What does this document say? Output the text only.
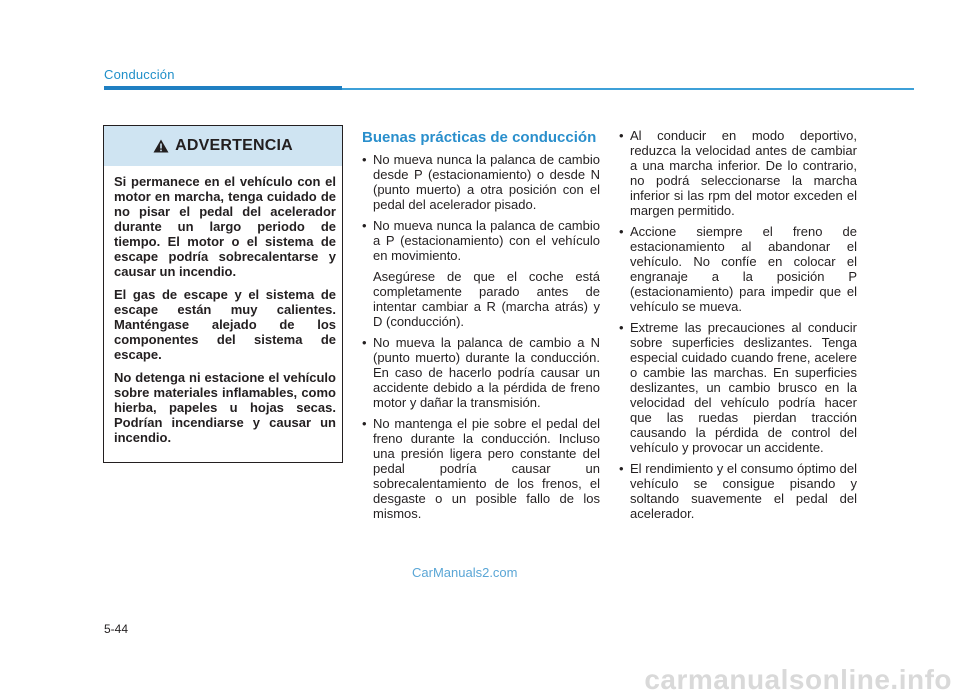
Conducción
ADVERTENCIA

Si permanece en el vehículo con el motor en marcha, tenga cuidado de no pisar el pedal del acelerador durante un largo periodo de tiempo. El motor o el sistema de escape podría sobrecalentarse y causar un incendio.

El gas de escape y el sistema de escape están muy calientes. Manténgase alejado de los componentes del sistema de escape.

No detenga ni estacione el vehículo sobre materiales inflamables, como hierba, papeles u hojas secas. Podrían incendiarse y causar un incendio.

Buenas prácticas de conducción
• No mueva nunca la palanca de cambio desde P (estacionamiento) o desde N (punto muerto) a otra posición con el pedal del acelerador pisado.

• No mueva nunca la palanca de cambio a P (estacionamiento) con el vehículo en movimiento.

Asegúrese de que el coche está completamente parado antes de intentar cambiar a R (marcha atrás) y D (conducción).

• No mueva la palanca de cambio a N (punto muerto) durante la conducción. En caso de hacerlo podría causar un accidente debido a la pérdida de freno motor y dañar la transmisión.

• No mantenga el pie sobre el pedal del freno durante la conducción. Incluso una presión ligera pero constante del pedal podría causar un sobrecalentamiento de los frenos, el desgaste o un posible fallo de los mismos.

• Al conducir en modo deportivo, reduzca la velocidad antes de cambiar a una marcha inferior. De lo contrario, no podrá seleccionarse la marcha inferior si las rpm del motor exceden el margen permitido.

• Accione siempre el freno de estacionamiento al abandonar el vehículo. No confíe en colocar el engranaje a la posición P (estacionamiento) para impedir que el vehículo se mueva.

• Extreme las precauciones al conducir sobre superficies deslizantes. Tenga especial cuidado cuando frene, acelere o cambie las marchas. En superficies deslizantes, un cambio brusco en la velocidad del vehículo podría hacer que las ruedas pierdan tracción causando la pérdida de control del vehículo y provocar un accidente.

• El rendimiento y el consumo óptimo del vehículo se consigue pisando y soltando suavemente el pedal del acelerador.

CarManuals2.com
5-44
carmanualsonline.info
